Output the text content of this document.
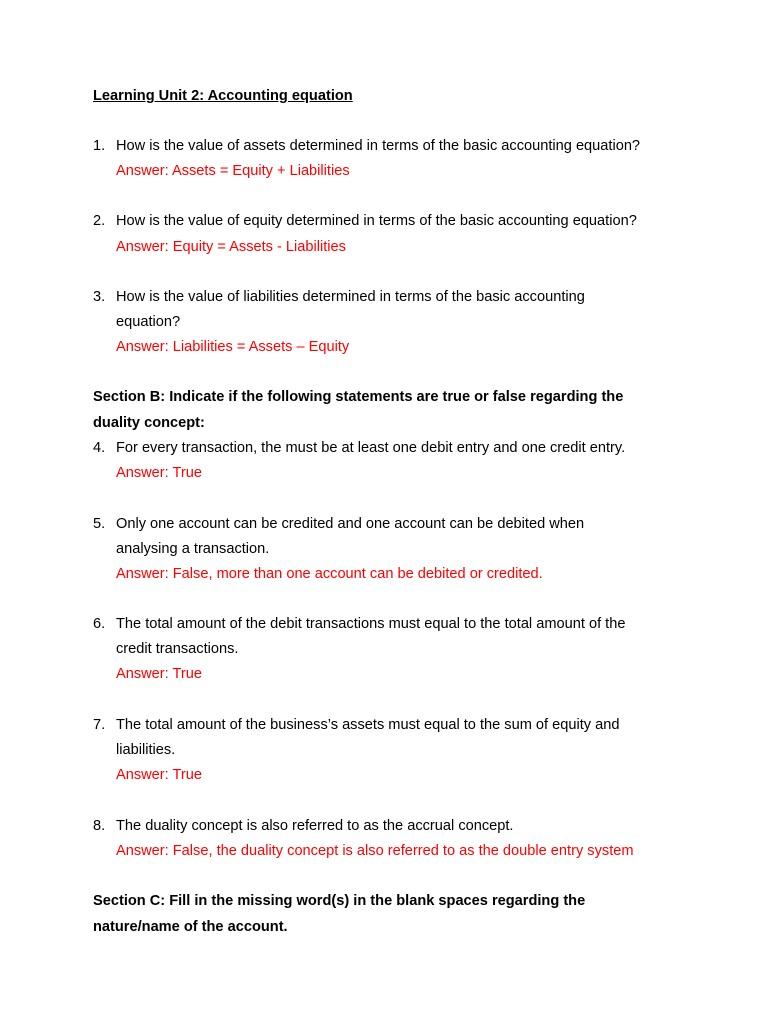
Learning Unit 2: Accounting equation
1. How is the value of assets determined in terms of the basic accounting equation?
Answer: Assets = Equity + Liabilities
2. How is the value of equity determined in terms of the basic accounting equation?
Answer: Equity = Assets - Liabilities
3. How is the value of liabilities determined in terms of the basic accounting
equation?
Answer: Liabilities = Assets – Equity
Section B: Indicate if the following statements are true or false regarding the
duality concept:
4. For every transaction, the must be at least one debit entry and one credit entry.
Answer: True
5. Only one account can be credited and one account can be debited when
analysing a transaction.
Answer: False, more than one account can be debited or credited.
6. The total amount of the debit transactions must equal to the total amount of the
credit transactions.
Answer: True
7. The total amount of the business’s assets must equal to the sum of equity and
liabilities.
Answer: True
8. The duality concept is also referred to as the accrual concept.
Answer: False, the duality concept is also referred to as the double entry system
Section C: Fill in the missing word(s) in the blank spaces regarding the
nature/name of the account.
